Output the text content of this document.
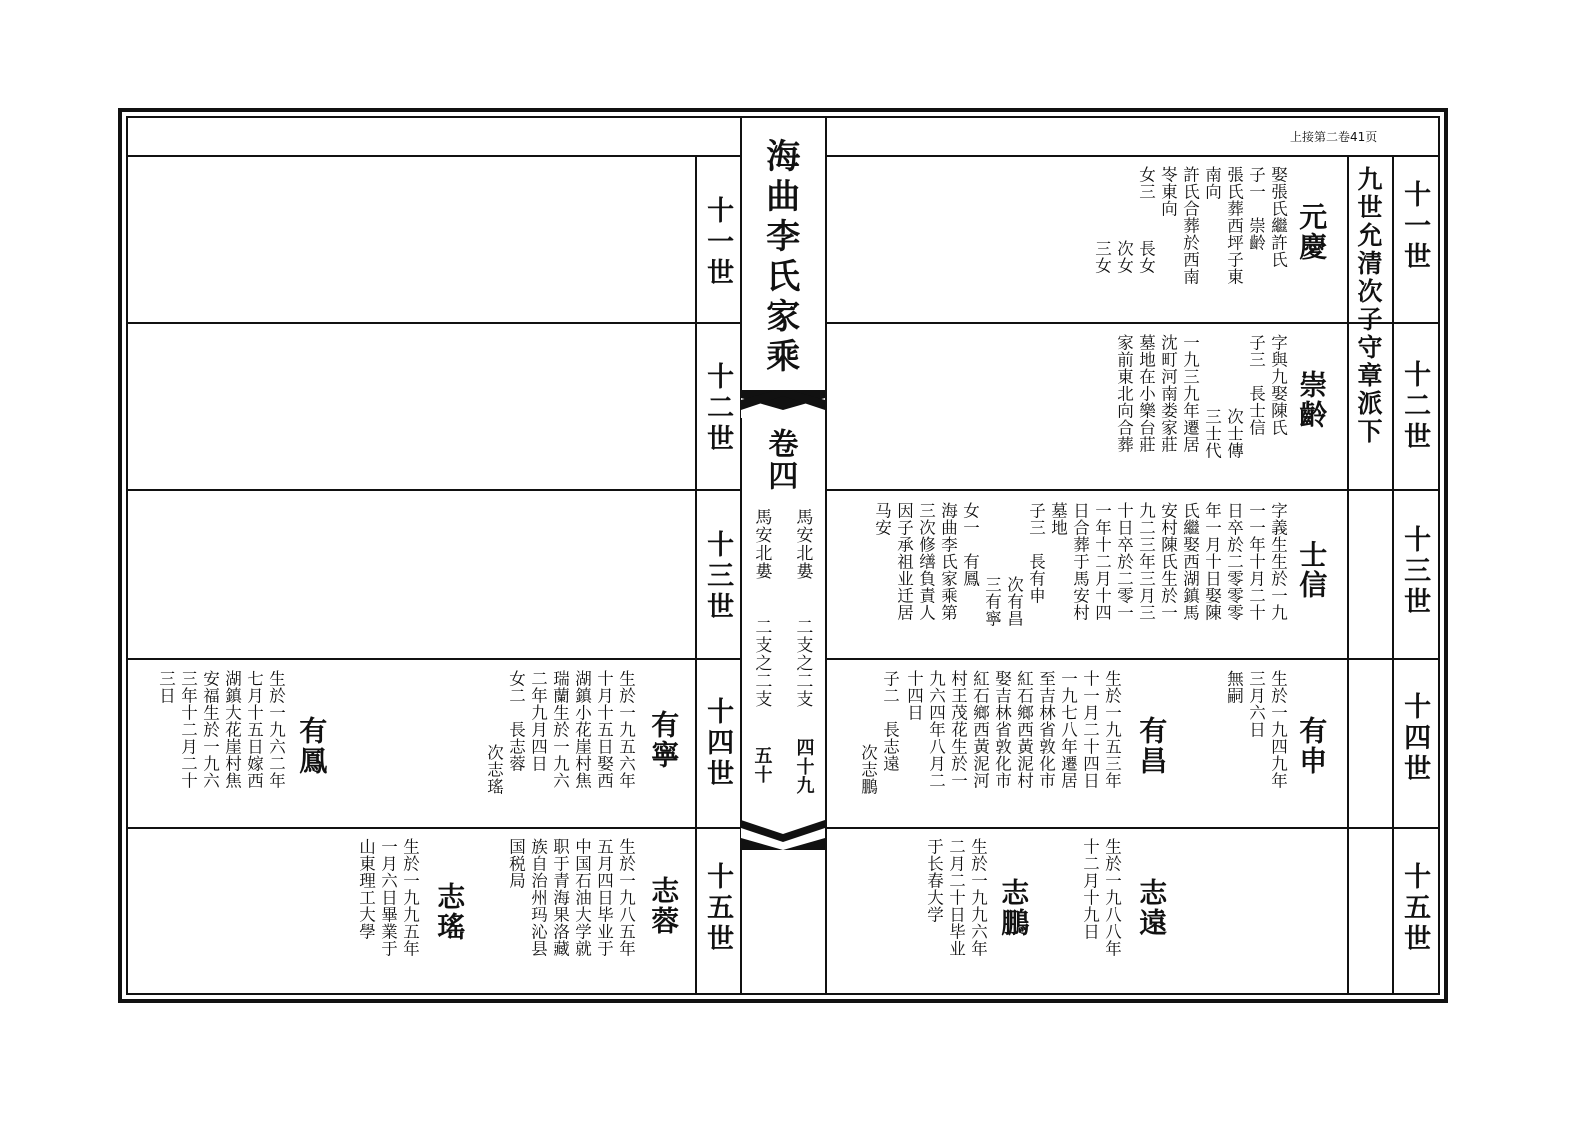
上接第二卷41页
海曲李氏家乘
卷四
馬安北婁
二支之二支
四十九
馬安北婁
二支之二支
五十
九世允清次子守章派下 十一世
十二世
十三世
十四世
十五世
十一世
十二世
十三世
十四世
十五世
元慶
娶張氏繼許氏
子一　崇齡
張氏葬西坪子東
南向
許氏合葬於西南
岺東向
女三
長女
次女
三女
崇齡
字與九娶陳氏
子三　長士信
次士傳
三士代
一九三九年遷居
沈町河南娄家莊
墓地在小樂台莊
家前東北向合葬
士信
字義生生於一九
一一年十月二十
日卒於二零零零
年一月十日娶陳
氏繼娶西湖鎮馬
安村陳氏生於一
九二三年三月三
十日卒於二零一
一年十二月十四
日合葬于馬安村
墓地
子三　長有申
次有昌
三有寧
女一　有鳳
海曲李氏家乘第
三次修缮負責人
因子承祖业迁居
马安
有申
生於一九四九年
三月六日
無嗣
有昌
生於一九五三年
十一月二十四日
一九七八年遷居
至吉林省敦化市
紅石鄉西黃泥村
娶吉林省敦化市
紅石鄉西黃泥河
村王茂花生於一
九六四年八月二
十四日
子二　長志遠
次志鵬
有寧
生於一九五六年
十月十五日娶西
湖鎮小花崖村焦
瑞蘭生於一九六
二年九月四日
女二　長志蓉
次志瑤
有鳳
生於一九六二年
七月十五日嫁西
湖鎮大花崖村焦
安福生於一九六
三年十二月二十
三日
志遠
生於一九八八年
十二月十九日
志鵬
生於一九九六年
二月二十日毕业
于长春大学
志蓉
生於一九八五年
五月四日毕业于
中国石油大学就
职于青海果洛藏
族自治州玛沁县
国税局
志瑤
生於一九九五年
一月六日畢業于
山東理工大學
